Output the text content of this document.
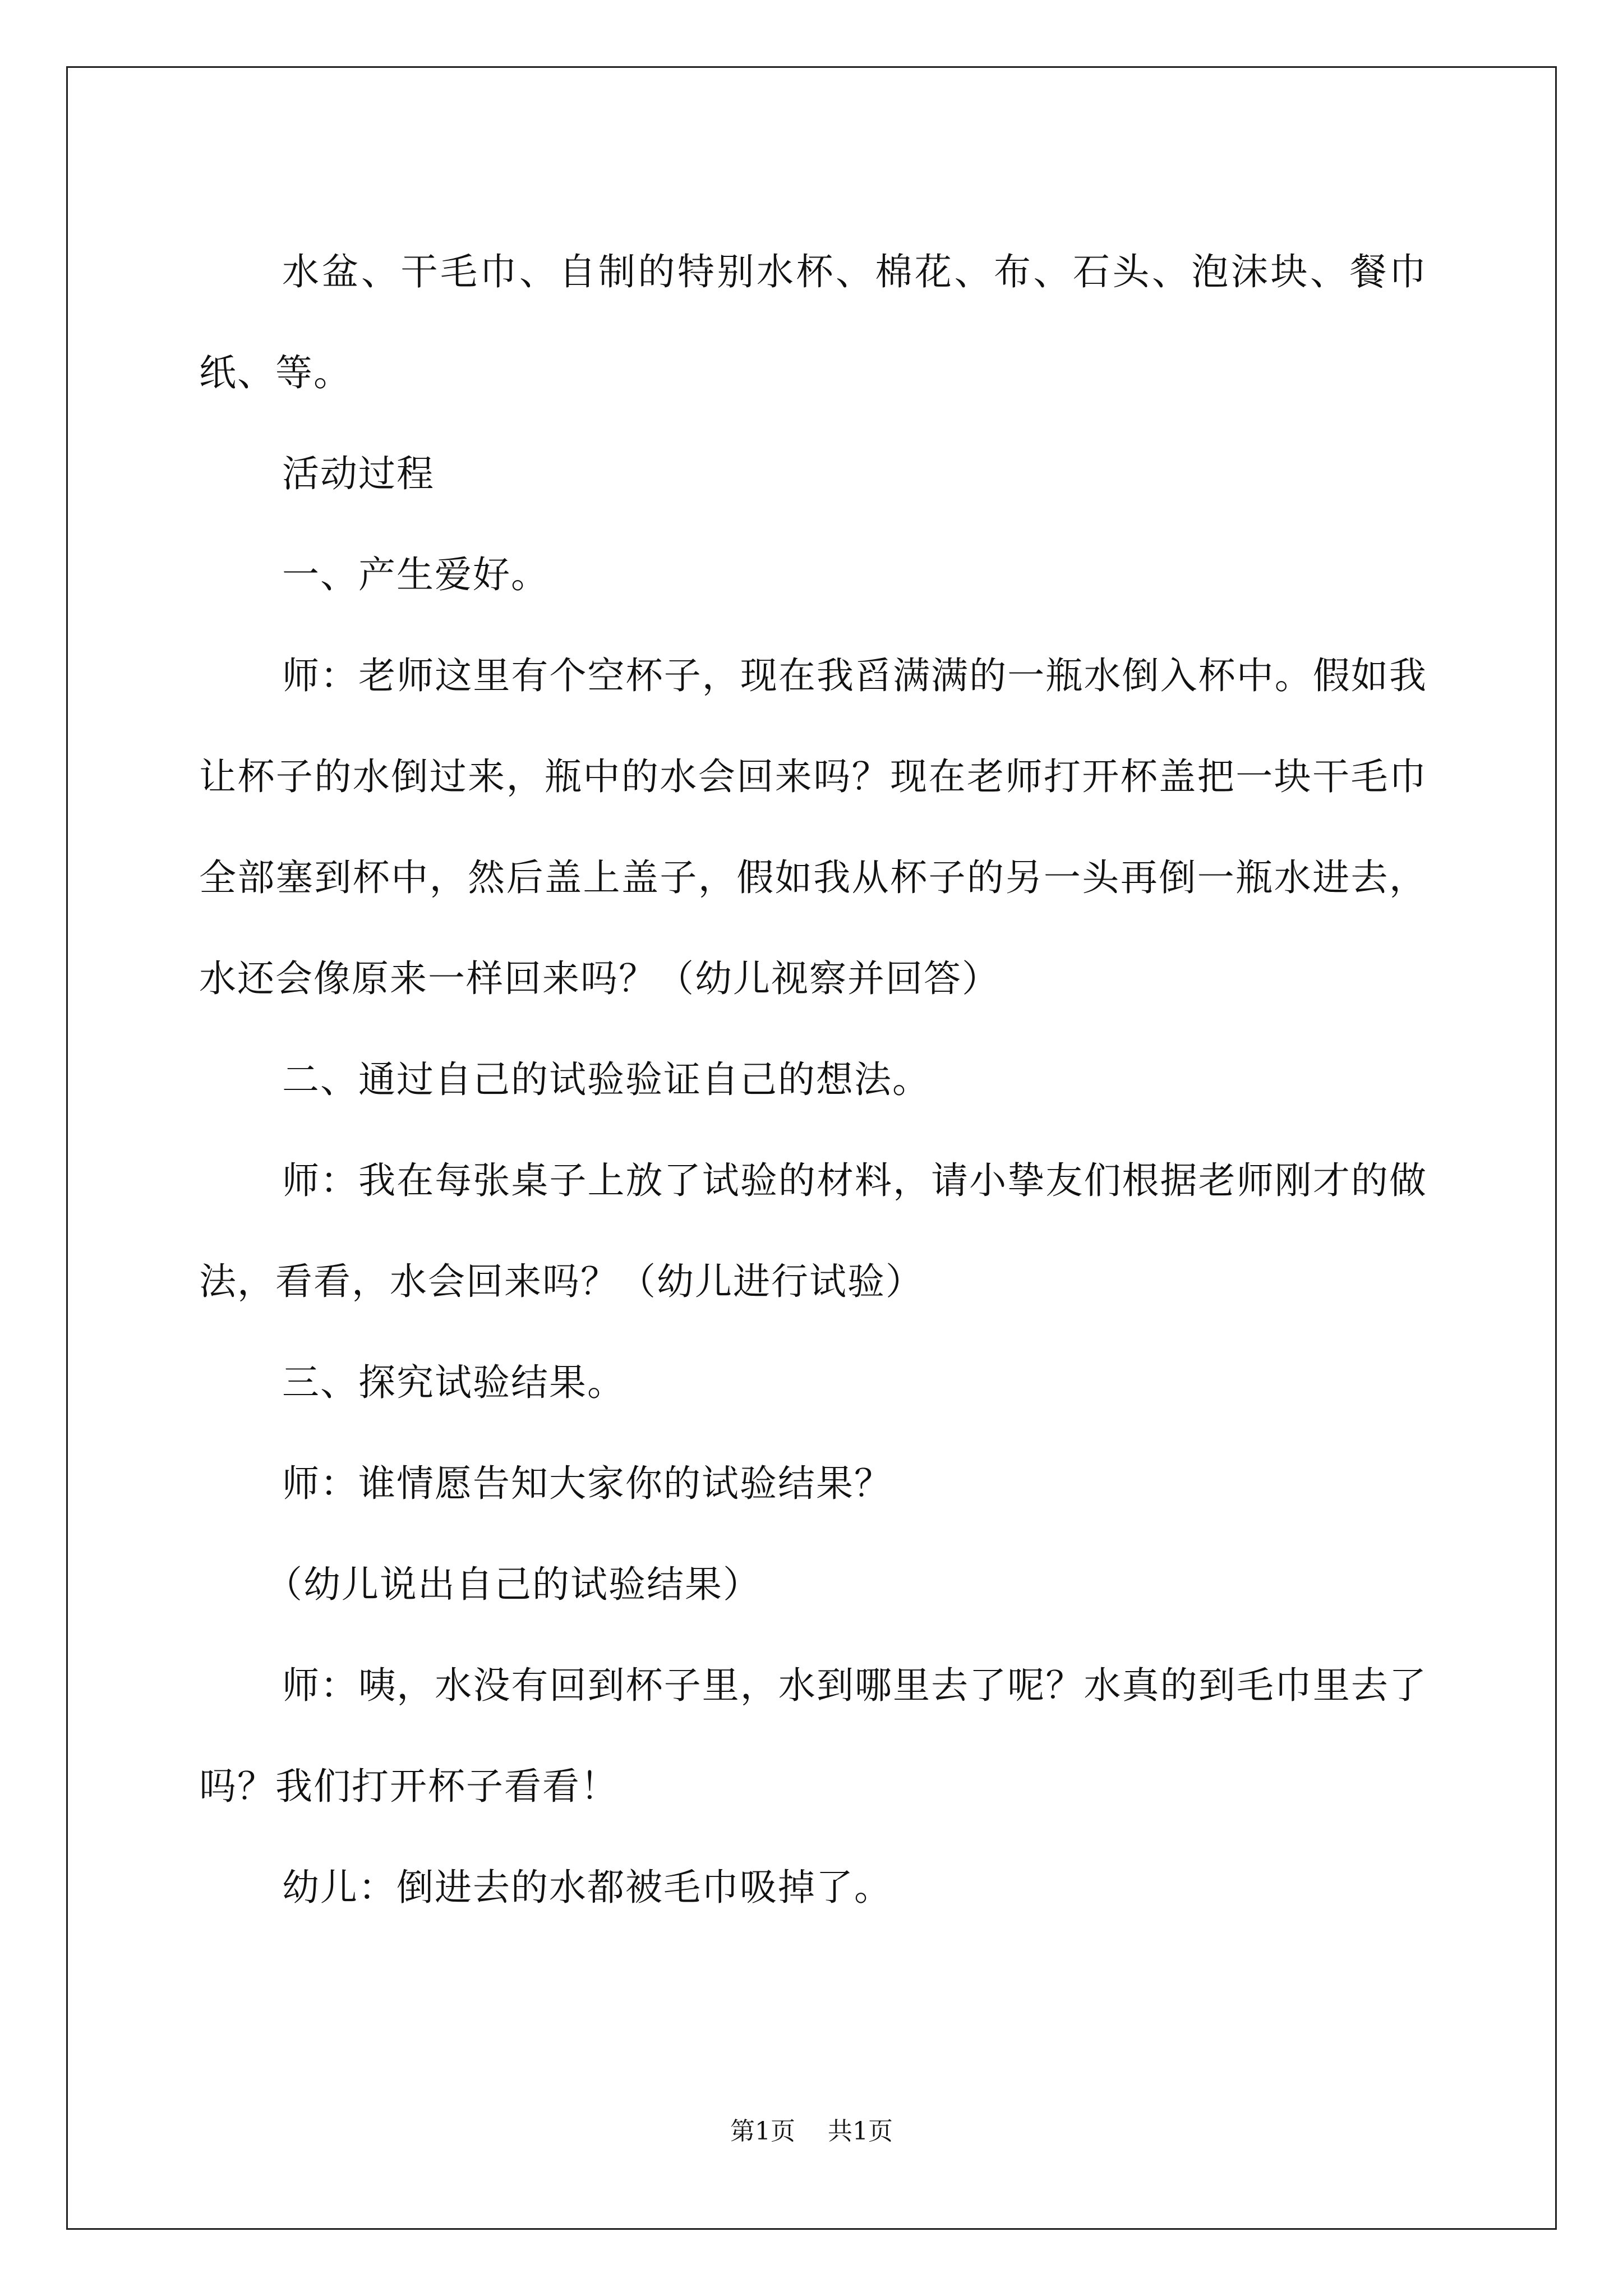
水盆、干毛巾、自制的特别水杯、棉花、布、石头、泡沫块、餐巾纸、等。

活动过程

一、产生爱好。

师：老师这里有个空杯子，现在我舀满满的一瓶水倒入杯中。假如我让杯子的水倒过来，瓶中的水会回来吗？现在老师打开杯盖把一块干毛巾全部塞到杯中，然后盖上盖子，假如我从杯子的另一头再倒一瓶水进去，水还会像原来一样回来吗？（幼儿视察并回答）

二、通过自己的试验验证自己的想法。

师：我在每张桌子上放了试验的材料，请小挚友们根据老师刚才的做法，看看，水会回来吗？（幼儿进行试验）

三、探究试验结果。

师：谁情愿告知大家你的试验结果？

（幼儿说出自己的试验结果）

师：咦，水没有回到杯子里，水到哪里去了呢？水真的到毛巾里去了吗？我们打开杯子看看！

幼儿：倒进去的水都被毛巾吸掉了。

第1页 共1页
